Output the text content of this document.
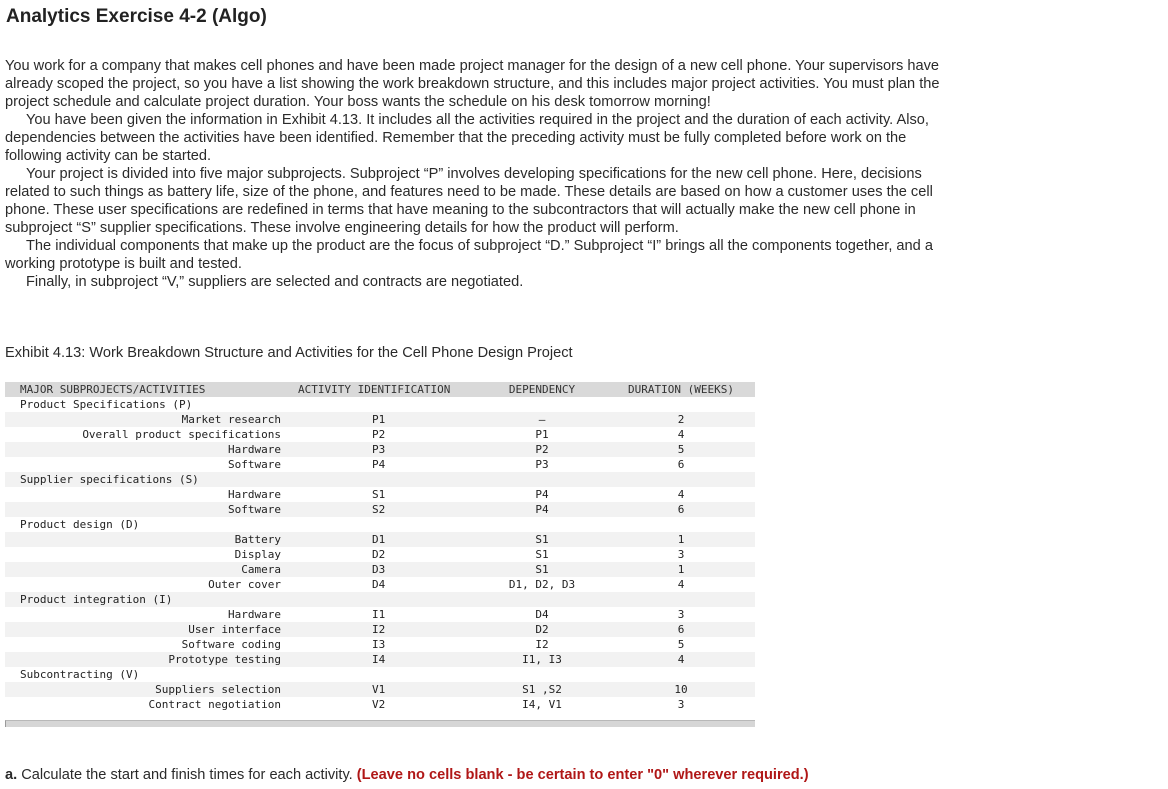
Analytics Exercise 4-2 (Algo)

You work for a company that makes cell phones and have been made project manager for the design of a new cell phone. Your supervisors have already scoped the project, so you have a list showing the work breakdown structure, and this includes major project activities. You must plan the project schedule and calculate project duration. Your boss wants the schedule on his desk tomorrow morning!

You have been given the information in Exhibit 4.13. It includes all the activities required in the project and the duration of each activity. Also, dependencies between the activities have been identified. Remember that the preceding activity must be fully completed before work on the following activity can be started.

Your project is divided into five major subprojects. Subproject “P” involves developing specifications for the new cell phone. Here, decisions related to such things as battery life, size of the phone, and features need to be made. These details are based on how a customer uses the cell phone. These user specifications are redefined in terms that have meaning to the subcontractors that will actually make the new cell phone in subproject “S” supplier specifications. These involve engineering details for how the product will perform.

The individual components that make up the product are the focus of subproject “D.” Subproject “I” brings all the components together, and a working prototype is built and tested.

Finally, in subproject “V,” suppliers are selected and contracts are negotiated.

Exhibit 4.13: Work Breakdown Structure and Activities for the Cell Phone Design Project
MAJOR SUBPROJECTS/ACTIVITIES	ACTIVITY IDENTIFICATION	DEPENDENCY	DURATION (WEEKS)
Product Specifications (P)
Market research	P1	—	2
Overall product specifications	P2	P1	4
Hardware	P3	P2	5
Software	P4	P3	6
Supplier specifications (S)
Hardware	S1	P4	4
Software	S2	P4	6
Product design (D)
Battery	D1	S1	1
Display	D2	S1	3
Camera	D3	S1	1
Outer cover	D4	D1, D2, D3	4
Product integration (I)
Hardware	I1	D4	3
User interface	I2	D2	6
Software coding	I3	I2	5
Prototype testing	I4	I1, I3	4
Subcontracting (V)
Suppliers selection	V1	S1 ,S2	10
Contract negotiation	V2	I4, V1	3
a. Calculate the start and finish times for each activity. (Leave no cells blank - be certain to enter "0" wherever required.)
